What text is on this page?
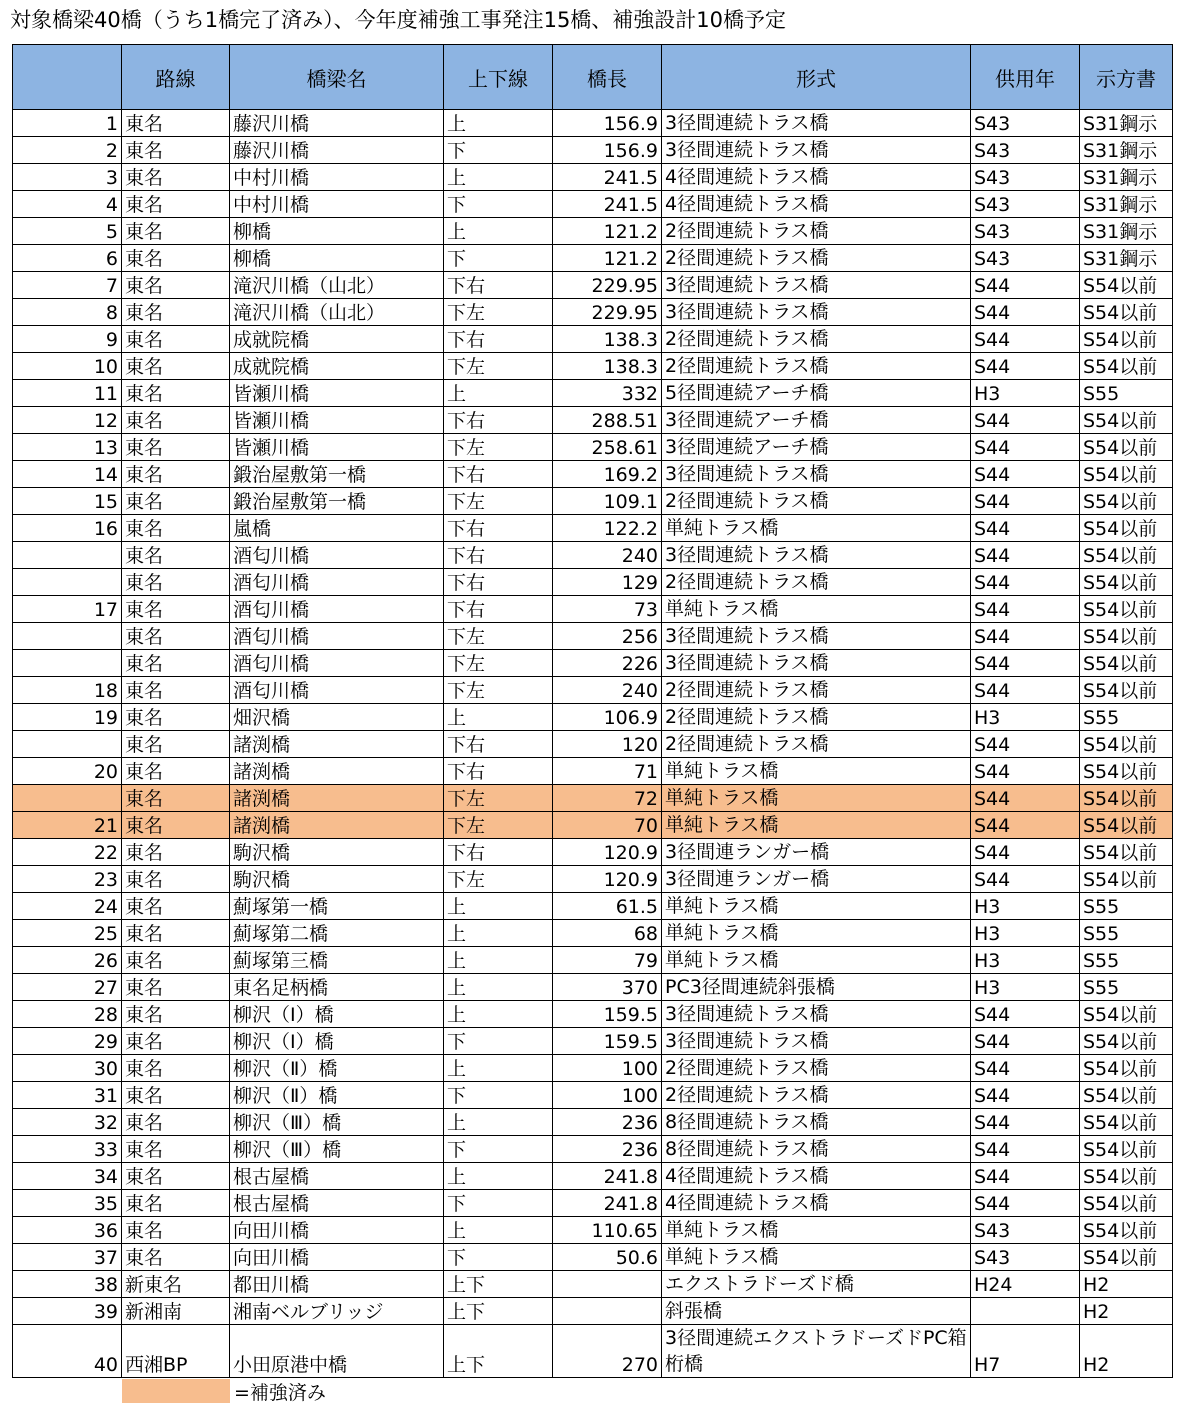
対象橋梁40橋（うち1橋完了済み）、今年度補強工事発注15橋、補強設計10橋予定
	路線	橋梁名	上下線	橋長	形式	供用年	示方書
1	東名	藤沢川橋	上	156.9	3径間連続トラス橋	S43	S31鋼示
2	東名	藤沢川橋	下	156.9	3径間連続トラス橋	S43	S31鋼示
3	東名	中村川橋	上	241.5	4径間連続トラス橋	S43	S31鋼示
4	東名	中村川橋	下	241.5	4径間連続トラス橋	S43	S31鋼示
5	東名	柳橋	上	121.2	2径間連続トラス橋	S43	S31鋼示
6	東名	柳橋	下	121.2	2径間連続トラス橋	S43	S31鋼示
7	東名	滝沢川橋（山北）	下右	229.95	3径間連続トラス橋	S44	S54以前
8	東名	滝沢川橋（山北）	下左	229.95	3径間連続トラス橋	S44	S54以前
9	東名	成就院橋	下右	138.3	2径間連続トラス橋	S44	S54以前
10	東名	成就院橋	下左	138.3	2径間連続トラス橋	S44	S54以前
11	東名	皆瀬川橋	上	332	5径間連続アーチ橋	H3	S55
12	東名	皆瀬川橋	下右	288.51	3径間連続アーチ橋	S44	S54以前
13	東名	皆瀬川橋	下左	258.61	3径間連続アーチ橋	S44	S54以前
14	東名	鍛治屋敷第一橋	下右	169.2	3径間連続トラス橋	S44	S54以前
15	東名	鍛治屋敷第一橋	下左	109.1	2径間連続トラス橋	S44	S54以前
16	東名	嵐橋	下右	122.2	単純トラス橋	S44	S54以前
	東名	酒匂川橋	下右	240	3径間連続トラス橋	S44	S54以前
	東名	酒匂川橋	下右	129	2径間連続トラス橋	S44	S54以前
17	東名	酒匂川橋	下右	73	単純トラス橋	S44	S54以前
	東名	酒匂川橋	下左	256	3径間連続トラス橋	S44	S54以前
	東名	酒匂川橋	下左	226	3径間連続トラス橋	S44	S54以前
18	東名	酒匂川橋	下左	240	2径間連続トラス橋	S44	S54以前
19	東名	畑沢橋	上	106.9	2径間連続トラス橋	H3	S55
	東名	諸渕橋	下右	120	2径間連続トラス橋	S44	S54以前
20	東名	諸渕橋	下右	71	単純トラス橋	S44	S54以前
	東名	諸渕橋	下左	72	単純トラス橋	S44	S54以前
21	東名	諸渕橋	下左	70	単純トラス橋	S44	S54以前
22	東名	駒沢橋	下右	120.9	3径間連ランガー橋	S44	S54以前
23	東名	駒沢橋	下左	120.9	3径間連ランガー橋	S44	S54以前
24	東名	薊塚第一橋	上	61.5	単純トラス橋	H3	S55
25	東名	薊塚第二橋	上	68	単純トラス橋	H3	S55
26	東名	薊塚第三橋	上	79	単純トラス橋	H3	S55
27	東名	東名足柄橋	上	370	PC3径間連続斜張橋	H3	S55
28	東名	柳沢（Ⅰ）橋	上	159.5	3径間連続トラス橋	S44	S54以前
29	東名	柳沢（Ⅰ）橋	下	159.5	3径間連続トラス橋	S44	S54以前
30	東名	柳沢（Ⅱ）橋	上	100	2径間連続トラス橋	S44	S54以前
31	東名	柳沢（Ⅱ）橋	下	100	2径間連続トラス橋	S44	S54以前
32	東名	柳沢（Ⅲ）橋	上	236	8径間連続トラス橋	S44	S54以前
33	東名	柳沢（Ⅲ）橋	下	236	8径間連続トラス橋	S44	S54以前
34	東名	根古屋橋	上	241.8	4径間連続トラス橋	S44	S54以前
35	東名	根古屋橋	下	241.8	4径間連続トラス橋	S44	S54以前
36	東名	向田川橋	上	110.65	単純トラス橋	S43	S54以前
37	東名	向田川橋	下	50.6	単純トラス橋	S43	S54以前
38	新東名	都田川橋	上下		エクストラドーズド橋	H24	H2
39	新湘南	湘南ベルブリッジ	上下		斜張橋		H2
40	西湘BP	小田原港中橋	上下	270	3径間連続エクストラドーズドPC箱桁橋	H7	H2
=補強済み
